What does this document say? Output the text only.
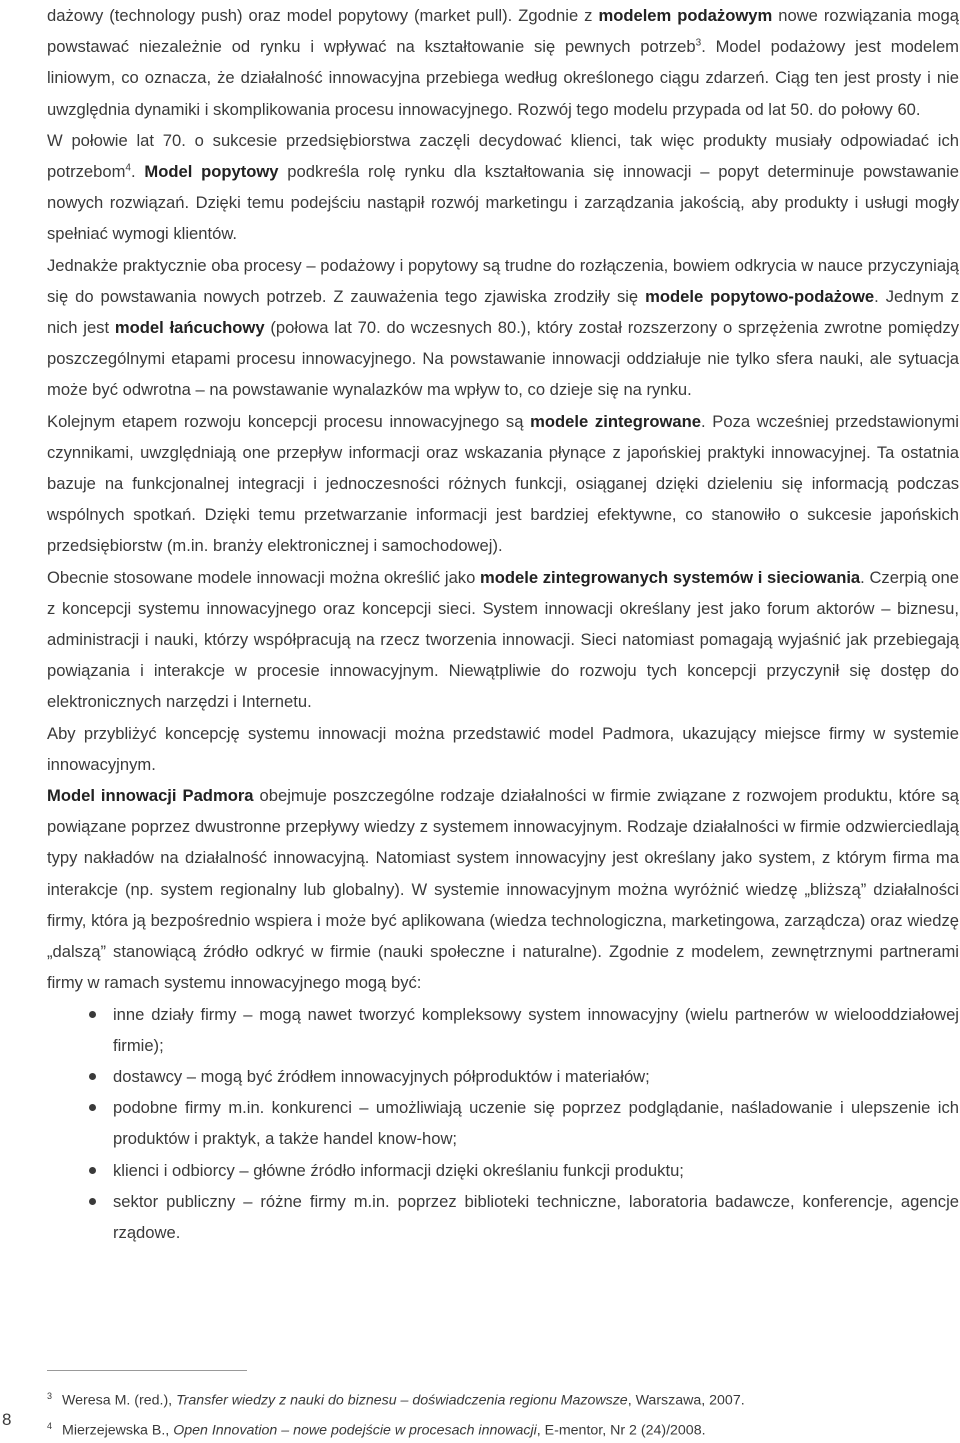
dażowy (technology push) oraz model popytowy (market pull). Zgodnie z modelem podażowym nowe rozwiązania mogą powstawać niezależnie od rynku i wpływać na kształtowanie się pewnych potrzeb$^3$. Model podażowy jest modelem liniowym, co oznacza, że działalność innowacyjna przebiega według określonego ciągu zdarzeń. Ciąg ten jest prosty i nie uwzględnia dynamiki i skomplikowania procesu innowacyjnego. Rozwój tego modelu przypada od lat 50. do połowy 60.

W połowie lat 70. o sukcesie przedsiębiorstwa zaczęli decydować klienci, tak więc produkty musiały odpowiadać ich potrzebom$^4$. Model popytowy podkreśla rolę rynku dla kształtowania się innowacji – popyt determinuje powstawanie nowych rozwiązań. Dzięki temu podejściu nastąpił rozwój marketingu i zarządzania jakością, aby produkty i usługi mogły spełniać wymogi klientów.

Jednakże praktycznie oba procesy – podażowy i popytowy są trudne do rozłączenia, bowiem odkrycia w nauce przyczyniają się do powstawania nowych potrzeb. Z zauważenia tego zjawiska zrodziły się modele popytowo-podażowe. Jednym z nich jest model łańcuchowy (połowa lat 70. do wczesnych 80.), który został rozszerzony o sprzężenia zwrotne pomiędzy poszczególnymi etapami procesu innowacyjnego. Na powstawanie innowacji oddziałuje nie tylko sfera nauki, ale sytuacja może być odwrotna – na powstawanie wynalazków ma wpływ to, co dzieje się na rynku.

Kolejnym etapem rozwoju koncepcji procesu innowacyjnego są modele zintegrowane. Poza wcześniej przedstawionymi czynnikami, uwzględniają one przepływ informacji oraz wskazania płynące z japońskiej praktyki innowacyjnej. Ta ostatnia bazuje na funkcjonalnej integracji i jednoczesności różnych funkcji, osiąganej dzięki dzieleniu się informacją podczas wspólnych spotkań. Dzięki temu przetwarzanie informacji jest bardziej efektywne, co stanowiło o sukcesie japońskich przedsiębiorstw (m.in. branży elektronicznej i samochodowej).

Obecnie stosowane modele innowacji można określić jako modele zintegrowanych systemów i sieciowania. Czerpią one z koncepcji systemu innowacyjnego oraz koncepcji sieci. System innowacji określany jest jako forum aktorów – biznesu, administracji i nauki, którzy współpracują na rzecz tworzenia innowacji. Sieci natomiast pomagają wyjaśnić jak przebiegają powiązania i interakcje w procesie innowacyjnym. Niewątpliwie do rozwoju tych koncepcji przyczynił się dostęp do elektronicznych narzędzi i Internetu.

Aby przybliżyć koncepcję systemu innowacji można przedstawić model Padmora, ukazujący miejsce firmy w systemie innowacyjnym.

Model innowacji Padmora obejmuje poszczególne rodzaje działalności w firmie związane z rozwojem produktu, które są powiązane poprzez dwustronne przepływy wiedzy z systemem innowacyjnym. Rodzaje działalności w firmie odzwierciedlają typy nakładów na działalność innowacyjną. Natomiast system innowacyjny jest określany jako system, z którym firma ma interakcje (np. system regionalny lub globalny). W systemie innowacyjnym można wyróżnić wiedzę „bliższą” działalności firmy, która ją bezpośrednio wspiera i może być aplikowana (wiedza technologiczna, marketingowa, zarządcza) oraz wiedzę „dalszą” stanowiącą źródło odkryć w firmie (nauki społeczne i naturalne). Zgodnie z modelem, zewnętrznymi partnerami firmy w ramach systemu innowacyjnego mogą być:

inne działy firmy – mogą nawet tworzyć kompleksowy system innowacyjny (wielu partnerów w wielooddziałowej firmie);
dostawcy – mogą być źródłem innowacyjnych półproduktów i materiałów;
podobne firmy m.in. konkurenci – umożliwiają uczenie się poprzez podglądanie, naśladowanie i ulepszenie ich produktów i praktyk, a także handel know-how;
klienci i odbiorcy – główne źródło informacji dzięki określaniu funkcji produktu;
sektor publiczny – różne firmy m.in. poprzez biblioteki techniczne, laboratoria badawcze, konferencje, agencje rządowe.

$^3$ Weresa M. (red.), Transfer wiedzy z nauki do biznesu – doświadczenia regionu Mazowsze, Warszawa, 2007.

$^4$ Mierzejewska B., Open Innovation – nowe podejście w procesach innowacji, E-mentor, Nr 2 (24)/2008.

8
